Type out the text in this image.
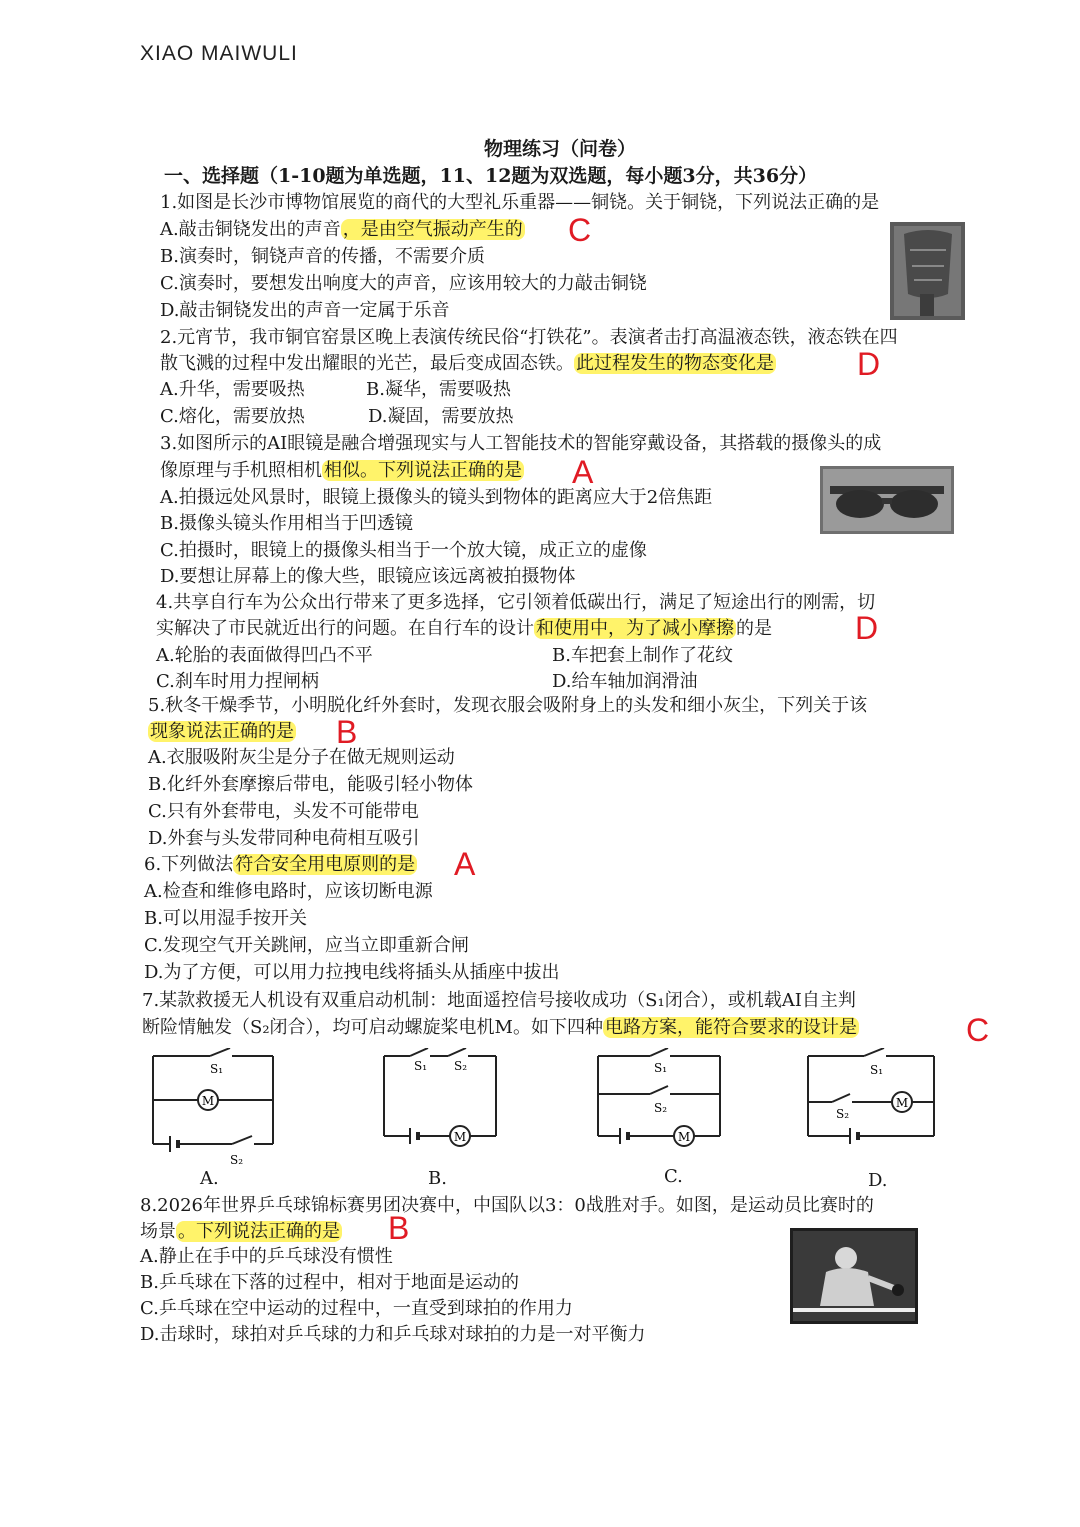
XIAO MAIWULI
物理练习（问卷）
一、选择题（1-10题为单选题，11、12题为双选题，每小题3分，共36分）
1.如图是长沙市博物馆展览的商代的大型礼乐重器——铜铙。关于铜铙，下列说法正确的是
A.敲击铜铙发出的声音 ，是由空气振动产生的 C
B.演奏时，铜铙声音的传播，不需要介质
C.演奏时，要想发出响度大的声音，应该用较大的力敲击铜铙
D.敲击铜铙发出的声音一定属于乐音
2.元宵节，我市铜官窑景区晚上表演传统民俗“打铁花”。表演者击打高温液态铁，液态铁在四
散飞溅的过程中发出耀眼的光芒，最后变成固态铁。 此过程发生的物态变化是	D
A.升华，需要吸热	B.凝华，需要吸热
C.熔化，需要放热	D.凝固，需要放热
3.如图所示的AI眼镜是融合增强现实与人工智能技术的智能穿戴设备，其搭载的摄像头的成
像原理与手机照相机 相似。下列说法正确的是 A
A.拍摄远处风景时，眼镜上摄像头的镜头到物体的距离应大于2倍焦距
B.摄像头镜头作用相当于凹透镜
C.拍摄时，眼镜上的摄像头相当于一个放大镜，成正立的虚像
D.要想让屏幕上的像大些，眼镜应该远离被拍摄物体
4.共享自行车为公众出行带来了更多选择，它引领着低碳出行，满足了短途出行的刚需，切
实解决了市民就近出行的问题。在自行车的设计 和使用中，为了减小摩擦 的是	D
A.轮胎的表面做得凹凸不平	B.车把套上制作了花纹
C.刹车时用力捏闸柄	D.给车轴加润滑油
5.秋冬干燥季节，小明脱化纤外套时，发现衣服会吸附身上的头发和细小灰尘，下列关于该
现象说法正确的是 B
A.衣服吸附灰尘是分子在做无规则运动
B.化纤外套摩擦后带电，能吸引轻小物体
C.只有外套带电，头发不可能带电
D.外套与头发带同种电荷相互吸引
6.下列做法 符合安全用电原则的是 A
A.检查和维修电路时，应该切断电源
B.可以用湿手按开关
C.发现空气开关跳闸，应当立即重新合闸
D.为了方便，可以用力拉拽电线将插头从插座中拔出
7.某款救援无人机设有双重启动机制：地面遥控信号接收成功（S₁闭合），或机载AI自主判
断险情触发（S₂闭合），均可启动螺旋桨电机M。如下四种 电路方案，能符合要求的设计是	C
M
S₁
S₂
A.
M
S₁ S₂
B.
M
S₁
S₂
C.
M
S₁
S₂
D.
8.2026年世界乒乓球锦标赛男团决赛中，中国队以3：0战胜对手。如图，是运动员比赛时的
场景 。下列说法正确的是 B
A.静止在手中的乒乓球没有惯性
B.乒乓球在下落的过程中，相对于地面是运动的
C.乒乓球在空中运动的过程中，一直受到球拍的作用力
D.击球时，球拍对乒乓球的力和乒乓球对球拍的力是一对平衡力
